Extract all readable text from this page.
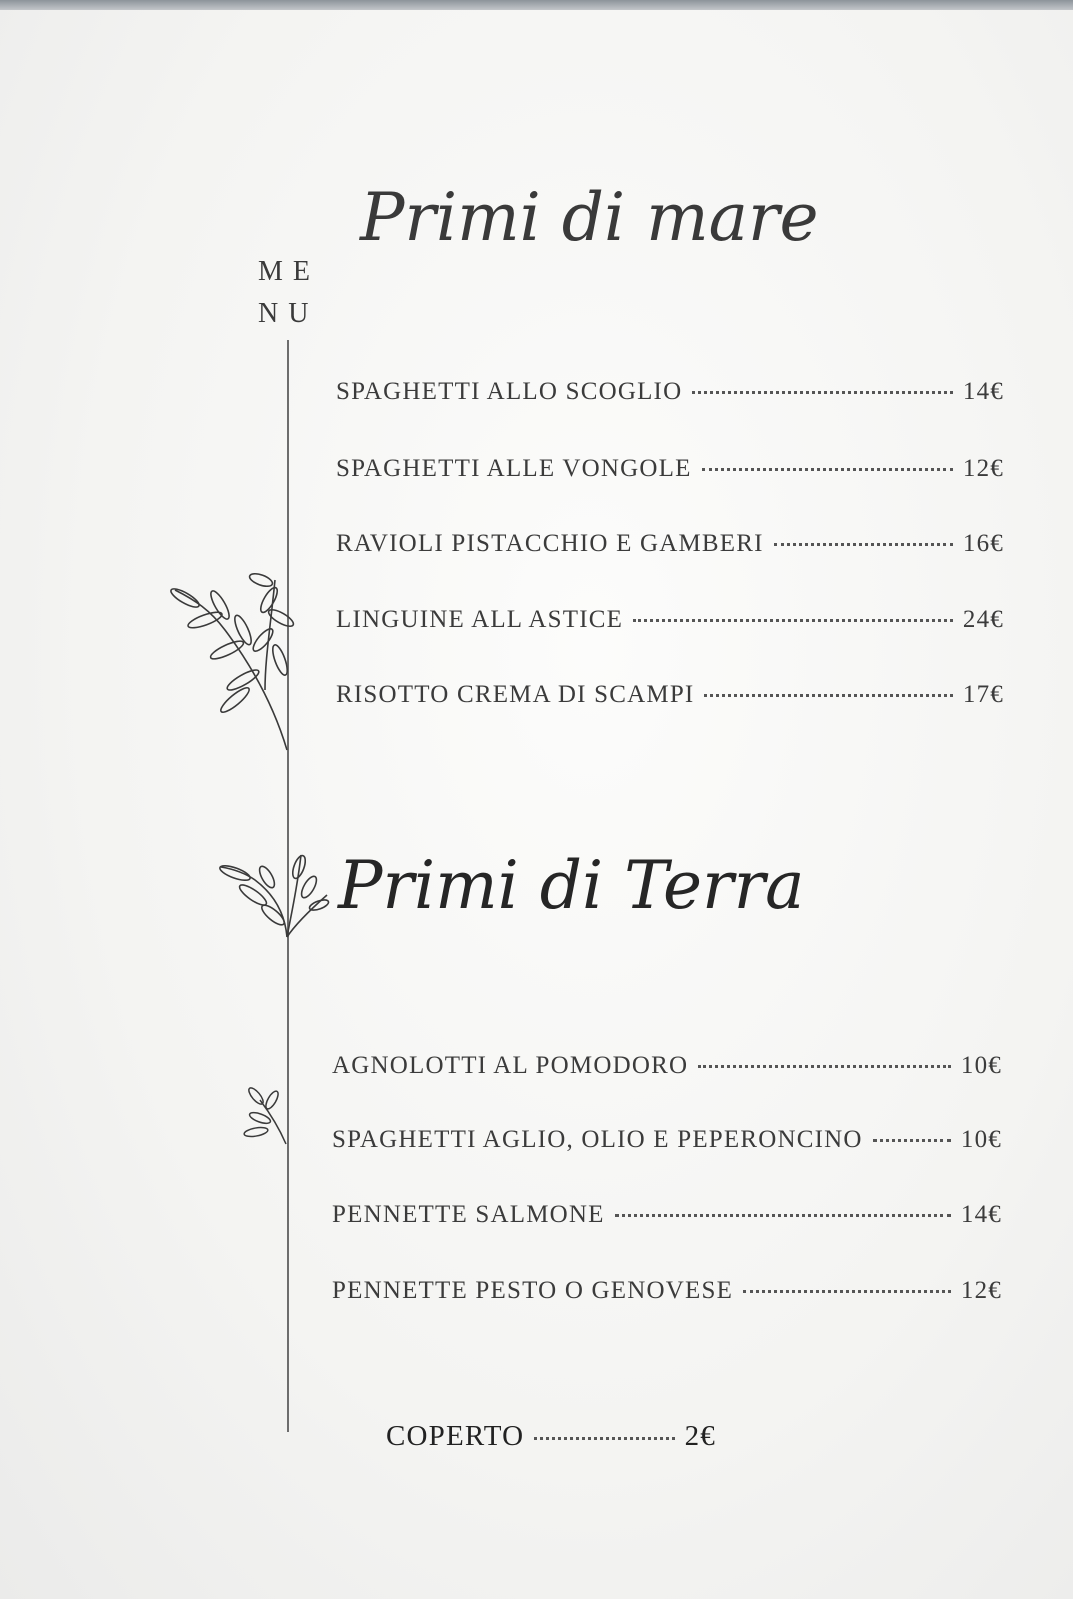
ME
NU
Primi di mare
SPAGHETTI ALLO SCOGLIO	14€
SPAGHETTI ALLE VONGOLE	12€
RAVIOLI PISTACCHIO E GAMBERI	16€
LINGUINE ALL ASTICE	24€
RISOTTO CREMA DI SCAMPI	17€
Primi di Terra
AGNOLOTTI AL POMODORO	10€
SPAGHETTI AGLIO, OLIO E PEPERONCINO	10€
PENNETTE SALMONE	14€
PENNETTE PESTO O GENOVESE	12€
COPERTO	2€
